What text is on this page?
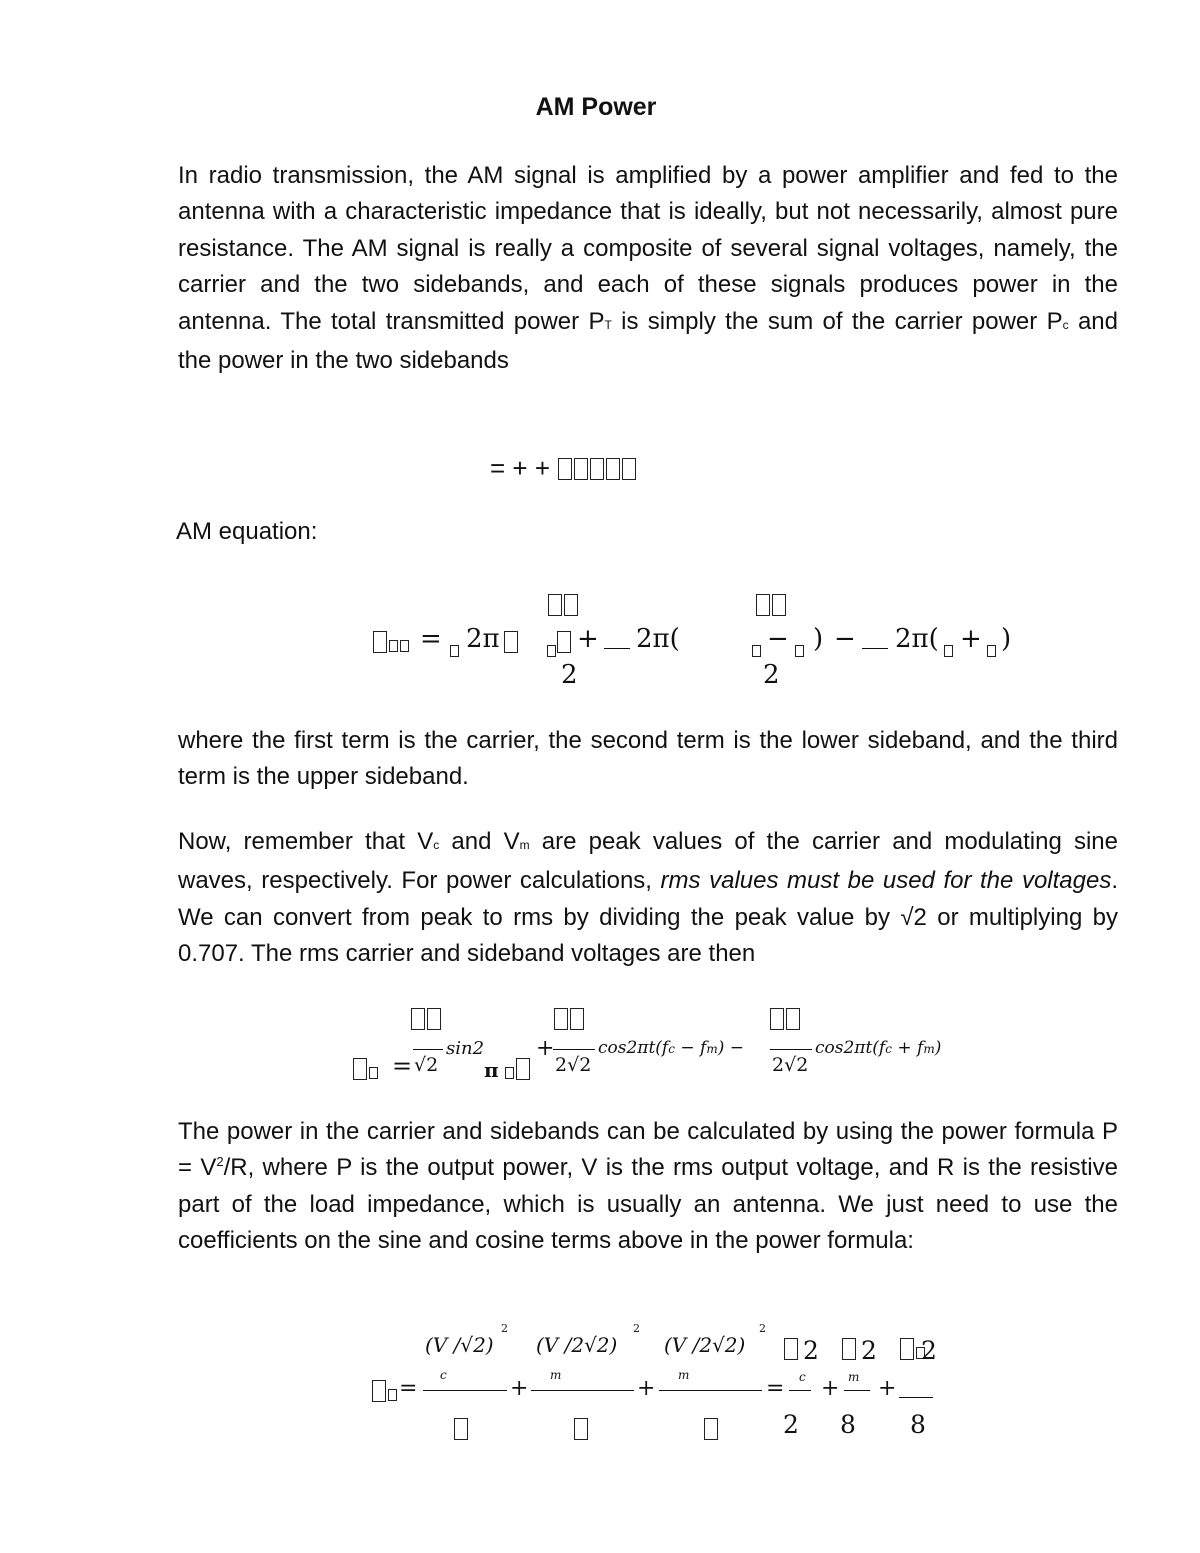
AM Power
In radio transmission, the AM signal is amplified by a power amplifier and fed to the antenna with a characteristic impedance that is ideally, but not necessarily, almost pure resistance. The AM signal is really a composite of several signal voltages, namely, the carrier and the two sidebands, and each of these signals produces power in the antenna. The total transmitted power PT is simply the sum of the carrier power Pc and the power in the two sidebands
= + +
AM equation:
= 2π	+ 2π(
2
− ) − 2π(
2
+ )
where the first term is the carrier, the second term is the lower sideband, and the third term is the upper sideband.
Now, remember that Vc and Vm are peak values of the carrier and modulating sine waves, respectively. For power calculations, rms values must be used for the voltages. We can convert from peak to rms by dividing the peak value by √2 or multiplying by 0.707. The rms carrier and sideband voltages are then
= √2
sin2
π
+
2√2
cos2πt(fc − fm) −
2√2
cos2πt(fc + fm)
The power in the carrier and sidebands can be calculated by using the power formula $P = V^2/R$, where P is the output power, V is the rms output voltage, and R is the resistive part of the load impedance, which is usually an antenna. We just need to use the coefficients on the sine and cosine terms above in the power formula:
(V /√2)
2
(V /2√2)
2
(V /2√2)
2
c	m	m
2 2 2
=	+	+	= c + m +
2 8 8
